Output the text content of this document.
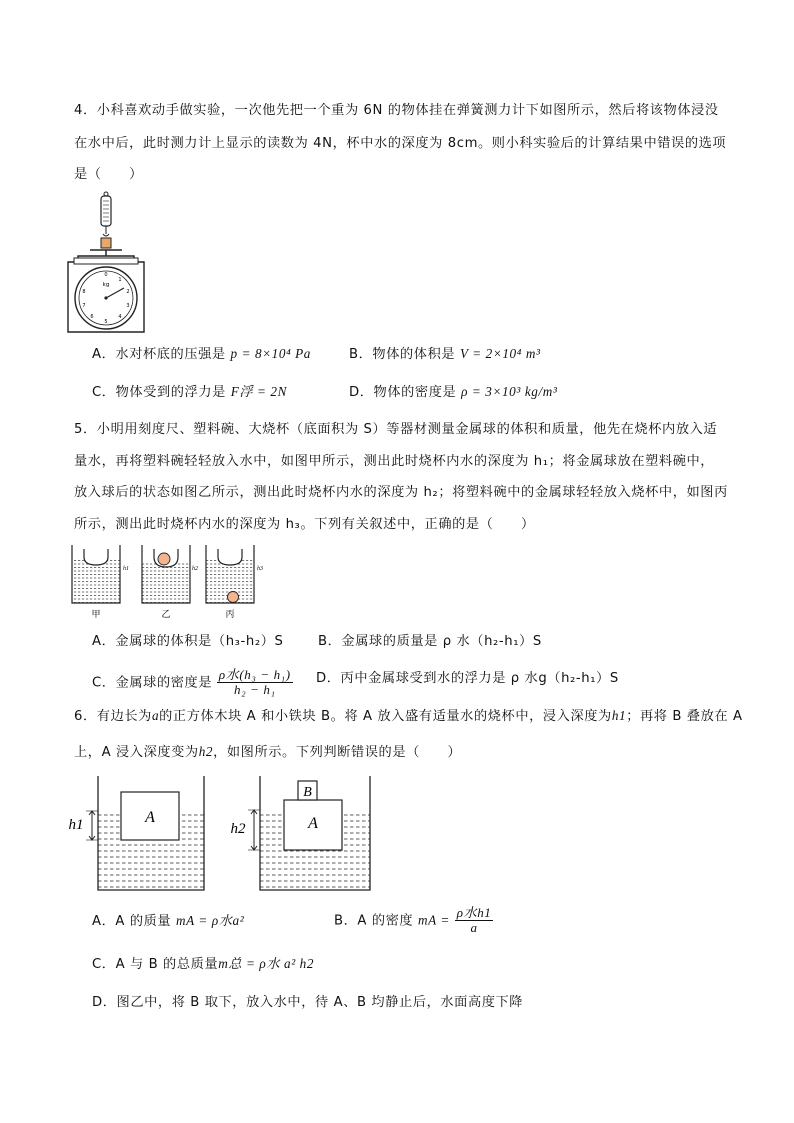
4．小科喜欢动手做实验，一次他先把一个重为 6N 的物体挂在弹簧测力计下如图所示，然后将该物体浸没
在水中后，此时测力计上显示的读数为 4N，杯中水的深度为 8cm。则小科实验后的计算结果中错误的选项
是（　　）
kg
0
1
2
3
4
5
6
7
8
A．水对杯底的压强是 p = 8×10⁴ Pa	B．物体的体积是 V = 2×10⁴ m³
C．物体受到的浮力是 F浮 = 2N	D．物体的密度是 ρ = 3×10³ kg/m³
5．小明用刻度尺、塑料碗、大烧杯（底面积为 S）等器材测量金属球的体积和质量，他先在烧杯内放入适
量水，再将塑料碗轻轻放入水中，如图甲所示，测出此时烧杯内水的深度为 h₁；将金属球放在塑料碗中，
放入球后的状态如图乙所示，测出此时烧杯内水的深度为 h₂；将塑料碗中的金属球轻轻放入烧杯中，如图丙
所示，测出此时烧杯内水的深度为 h₃。下列有关叙述中，正确的是（　　）
h1	h2	h3
甲	乙	丙
A．金属球的体积是（h₃-h₂）S	B．金属球的质量是 ρ 水（h₂-h₁）S
C．金属球的密度是 $\frac{\text{ρ水(h₃ − h₁)}}{\text{h₂ − h₁}}$ D．丙中金属球受到水的浮力是 ρ 水g（h₂-h₁）S
6．有边长为a的正方体木块 A 和小铁块 B。将 A 放入盛有适量水的烧杯中，浸入深度为h1；再将 B 叠放在 A
上，A 浸入深度变为h2，如图所示。下列判断错误的是（　　）
A
h1
B
A
h2
A．A 的质量 mA = ρ水a²	B．A 的密度 mA = $\frac{\text{ρ水h1}}{a}$
C．A 与 B 的总质量m总 = ρ水 a² h2
D．图乙中，将 B 取下，放入水中，待 A、B 均静止后，水面高度下降
